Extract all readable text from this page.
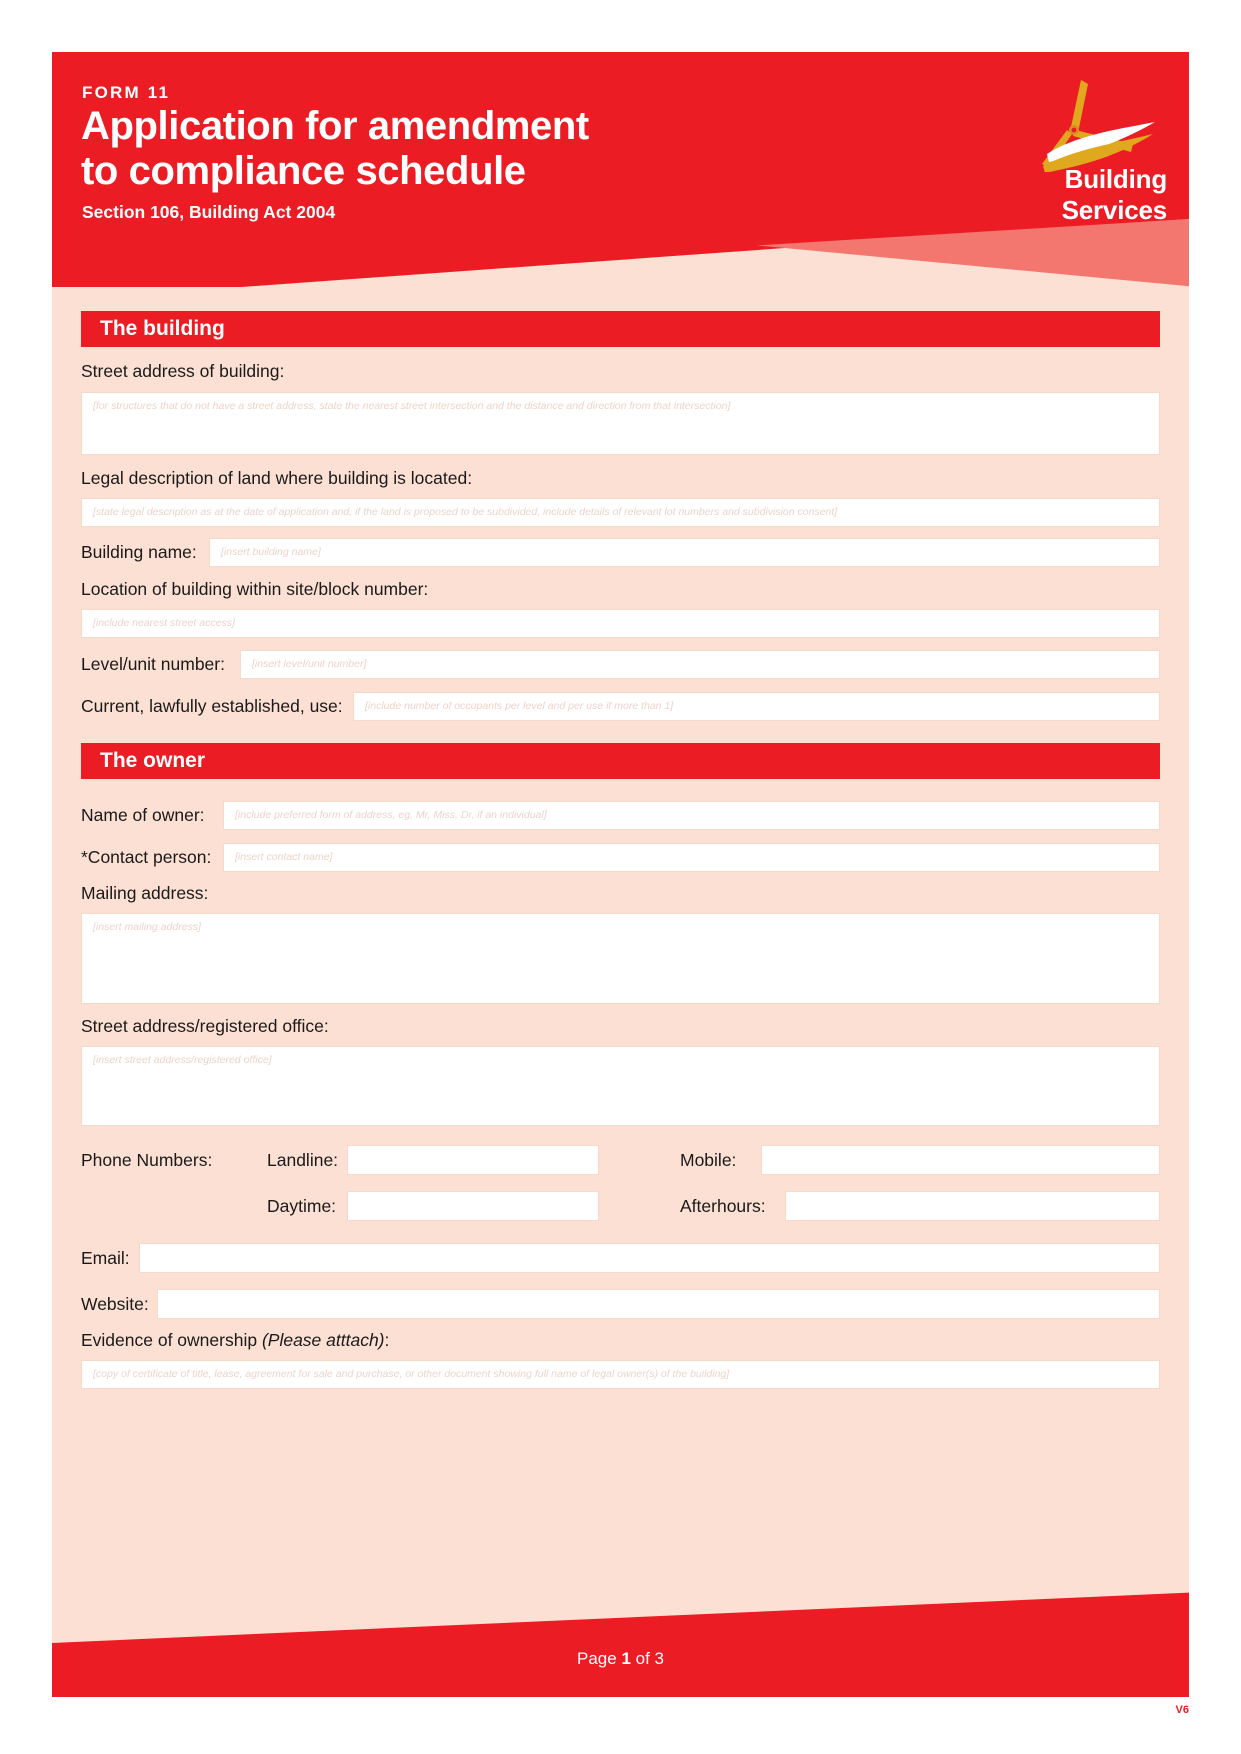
FORM 11
Application for amendment
to compliance schedule
Section 106, Building Act 2004
Building Services
The building
Street address of building:
[for structures that do not have a street address, state the nearest street intersection and the distance and direction from that intersection]
Legal description of land where building is located:
[state legal description as at the date of application and, if the land is proposed to be subdivided, include details of relevant lot numbers and subdivision consent]
Building name:	[insert building name]
Location of building within site/block number:
[include nearest street access]
Level/unit number:	[insert level/unit number]
Current, lawfully established, use:	[include number of occupants per level and per use if more than 1]
The owner
Name of owner:	[include preferred form of address, eg, Mr, Miss, Dr, if an individual]
*Contact person:	[insert contact name]
Mailing address:
[insert mailing address]
Street address/registered office:
[insert street address/registered office]
Phone Numbers:	Landline:	Mobile:
Daytime:	Afterhours:
Email:
Website:
Evidence of ownership (Please atttach):
[copy of certificate of title, lease, agreement for sale and purchase, or other document showing full name of legal owner(s) of the building]
Page 1 of 3
V6
